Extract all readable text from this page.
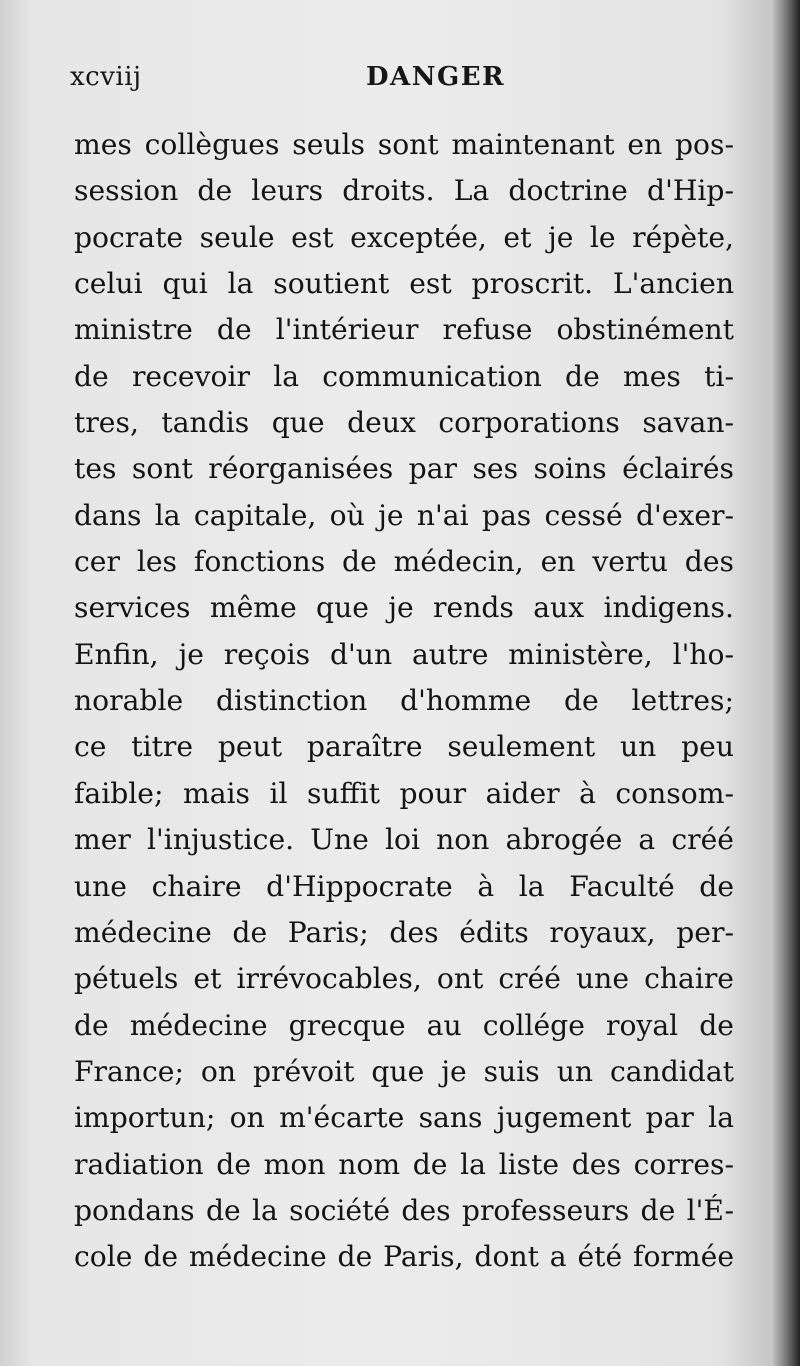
xcviij	DANGER
mes collègues seuls sont maintenant en pos-
session de leurs droits. La doctrine d'Hip-
pocrate seule est exceptée, et je le répète,
celui qui la soutient est proscrit. L'ancien
ministre de l'intérieur refuse obstinément
de recevoir la communication de mes ti-
tres, tandis que deux corporations savan-
tes sont réorganisées par ses soins éclairés
dans la capitale, où je n'ai pas cessé d'exer-
cer les fonctions de médecin, en vertu des
services même que je rends aux indigens.
Enfin, je reçois d'un autre ministère, l'ho-
norable distinction d'homme de lettres;
ce titre peut paraître seulement un peu
faible; mais il suffit pour aider à consom-
mer l'injustice. Une loi non abrogée a créé
une chaire d'Hippocrate à la Faculté de
médecine de Paris; des édits royaux, per-
pétuels et irrévocables, ont créé une chaire
de médecine grecque au collége royal de
France; on prévoit que je suis un candidat
importun; on m'écarte sans jugement par la
radiation de mon nom de la liste des corres-
pondans de la société des professeurs de l'É-
cole de médecine de Paris, dont a été formée
